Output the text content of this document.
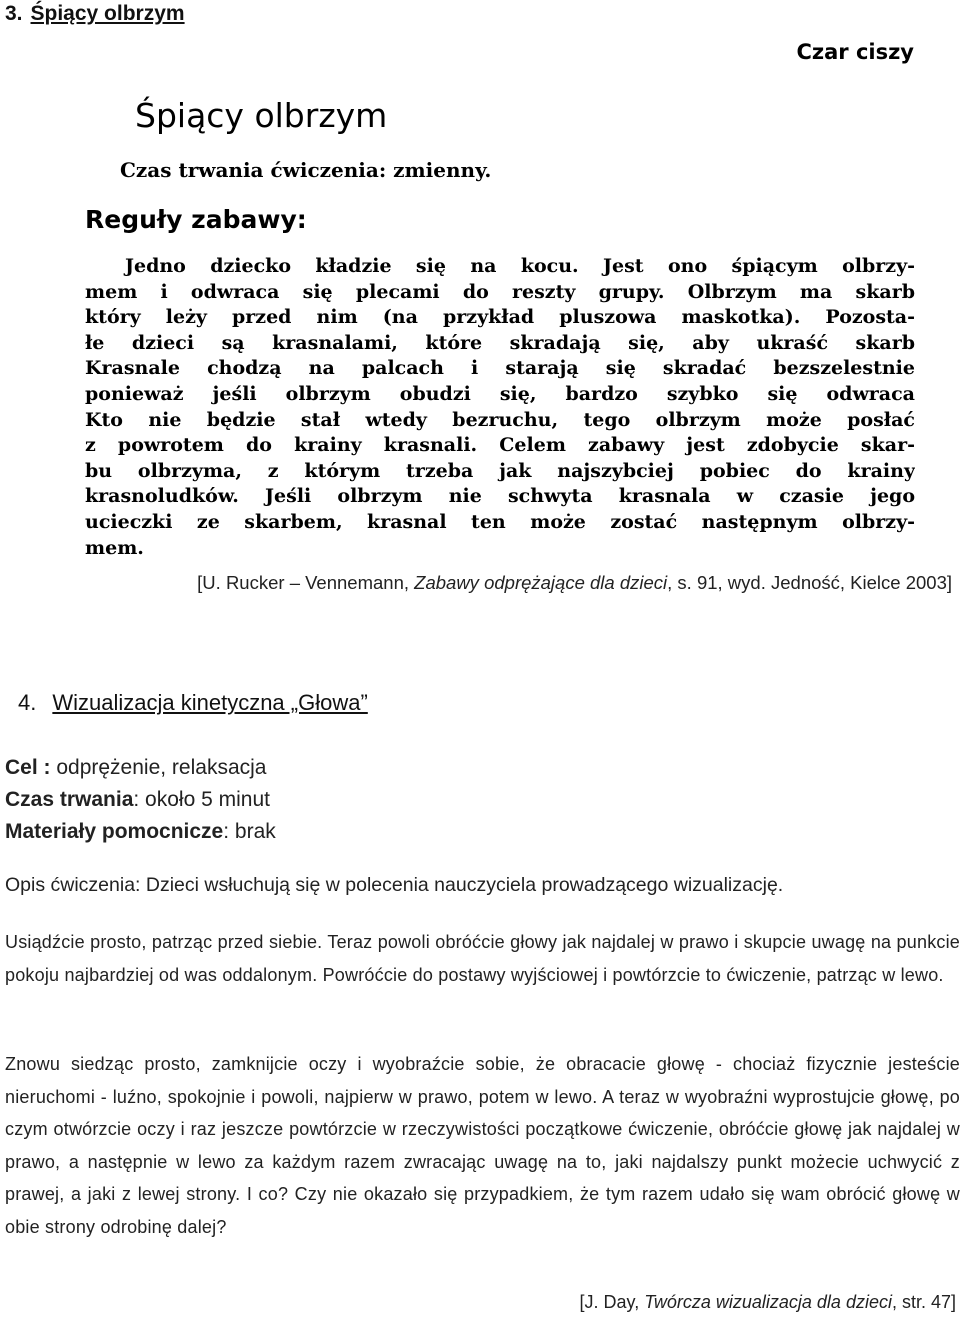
3. Śpiący olbrzym
Czar ciszy
Śpiący olbrzym
Czas trwania ćwiczenia: zmienny.
Reguły zabawy:
Jedno dziecko kładzie się na kocu. Jest ono śpiącym olbrzy-
mem i odwraca się plecami do reszty grupy. Olbrzym ma skarb
który leży przed nim (na przykład pluszowa maskotka). Pozosta-
łe dzieci są krasnalami, które skradają się, aby ukraść skarb
Krasnale chodzą na palcach i starają się skradać bezszelestnie
ponieważ jeśli olbrzym obudzi się, bardzo szybko się odwraca
Kto nie będzie stał wtedy bezruchu, tego olbrzym może posłać
z powrotem do krainy krasnali. Celem zabawy jest zdobycie skar-
bu olbrzyma, z którym trzeba jak najszybciej pobiec do krainy
krasnoludków. Jeśli olbrzym nie schwyta krasnala w czasie jego
ucieczki ze skarbem, krasnal ten może zostać następnym olbrzy-
mem.
[U. Rucker – Vennemann, Zabawy odprężające dla dzieci, s. 91, wyd. Jedność, Kielce 2003]
4. Wizualizacja kinetyczna „Głowa”
Cel : odprężenie, relaksacja
Czas trwania: około 5 minut
Materiały pomocnicze: brak
Opis ćwiczenia: Dzieci wsłuchują się w polecenia nauczyciela prowadzącego wizualizację.
Usiądźcie prosto, patrząc przed siebie. Teraz powoli obróćcie głowy jak najdalej w prawo i skupcie uwagę na punkcie pokoju najbardziej od was oddalonym. Powróćcie do postawy wyjściowej i powtórzcie to ćwiczenie, patrząc w lewo.
Znowu siedząc prosto, zamknijcie oczy i wyobraźcie sobie, że obracacie głowę - chociaż fizycznie jesteście nieruchomi - luźno, spokojnie i powoli, najpierw w prawo, potem w lewo. A teraz w wyobraźni wyprostujcie głowę, po czym otwórzcie oczy i raz jeszcze powtórzcie w rzeczywistości początkowe ćwiczenie, obróćcie głowę jak najdalej w prawo, a następnie w lewo za każdym razem zwracając uwagę na to, jaki najdalszy punkt możecie uchwycić z prawej, a jaki z lewej strony. I co? Czy nie okazało się przypadkiem, że tym razem udało się wam obrócić głowę w obie strony odrobinę dalej?
[J. Day, Twórcza wizualizacja dla dzieci, str. 47]
